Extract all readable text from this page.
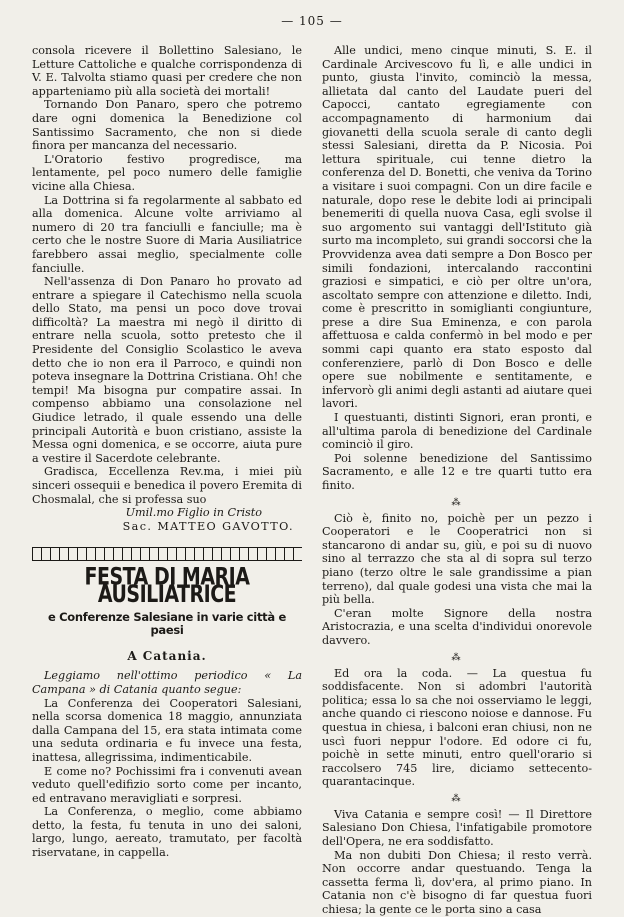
— 105 —

consola ricevere il Bollettino Salesiano, le Letture Cattoliche e qualche corrispondenza di V. E. Talvolta stiamo quasi per credere che non apparteniamo più alla società dei mortali!

Tornando Don Panaro, spero che potremo dare ogni domenica la Benedizione col Santissimo Sacramento, che non si diede finora per mancanza del necessario.

L'Oratorio festivo progredisce, ma lentamente, pel poco numero delle famiglie vicine alla Chiesa.

La Dottrina si fa regolarmente al sabbato ed alla domenica. Alcune volte arriviamo al numero di 20 tra fanciulli e fanciulle; ma è certo che le nostre Suore di Maria Ausiliatrice farebbero assai meglio, specialmente colle fanciulle.

Nell'assenza di Don Panaro ho provato ad entrare a spiegare il Catechismo nella scuola dello Stato, ma pensi un poco dove trovai difficoltà? La maestra mi negò il diritto di entrare nella scuola, sotto pretesto che il Presidente del Consiglio Scolastico le aveva detto che io non era il Parroco, e quindi non poteva insegnare la Dottrina Cristiana. Oh! che tempi! Ma bisogna pur compatire assai. In compenso abbiamo una consolazione nel Giudice letrado, il quale essendo una delle principali Autorità e buon cristiano, assiste la Messa ogni domenica, e se occorre, aiuta pure a vestire il Sacerdote celebrante.

Gradisca, Eccellenza Rev.ma, i miei più sinceri ossequii e benedica il povero Eremita di Chosmalal, che si professa suo

Umil.mo Figlio in Cristo

Sac. MATTEO GAVOTTO.

FESTA DI MARIA AUSILIATRICE
e Conferenze Salesiane in varie città e paesi
A Catania.

Leggiamo nell'ottimo periodico « La Campana » di Catania quanto segue:

La Conferenza dei Cooperatori Salesiani, nella scorsa domenica 18 maggio, annunziata dalla Campana del 15, era stata intimata come una seduta ordinaria e fu invece una festa, inattesa, allegrissima, indimenticabile.

E come no? Pochissimi fra i convenuti avean veduto quell'edifizio sorto come per incanto, ed entravano meravigliati e sorpresi.

La Conferenza, o meglio, come abbiamo detto, la festa, fu tenuta in uno dei saloni, largo, lungo, aereato, tramutato, per facoltà riservatane, in cappella.

Alle undici, meno cinque minuti, S. E. il Cardinale Arcivescovo fu lì, e alle undici in punto, giusta l'invito, cominciò la messa, allietata dal canto del Laudate pueri del Capocci, cantato egregiamente con accompagnamento di harmonium dai giovanetti della scuola serale di canto degli stessi Salesiani, diretta da P. Nicosia. Poi lettura spirituale, cui tenne dietro la conferenza del D. Bonetti, che veniva da Torino a visitare i suoi compagni. Con un dire facile e naturale, dopo rese le debite lodi ai principali benemeriti di quella nuova Casa, egli svolse il suo argomento sui vantaggi dell'Istituto già surto ma incompleto, sui grandi soccorsi che la Provvidenza avea dati sempre a Don Bosco per simili fondazioni, intercalando raccontini graziosi e simpatici, e ciò per oltre un'ora, ascoltato sempre con attenzione e diletto. Indi, come è prescritto in somiglianti congiunture, prese a dire Sua Eminenza, e con parola affettuosa e calda confermò in bel modo e per sommi capi quanto era stato esposto dal conferenziere, parlò di Don Bosco e delle opere sue nobilmente e sentitamente, e infervorò gli animi degli astanti ad aiutare quei lavori.

I questuanti, distinti Signori, eran pronti, e all'ultima parola di benedizione del Cardinale cominciò il giro.

Poi solenne benedizione del Santissimo Sacramento, e alle 12 e tre quarti tutto era finito.

⁂

Ciò è, finito no, poichè per un pezzo i Cooperatori e le Cooperatrici non si stancarono di andar su, giù, e poi su di nuovo sino al terrazzo che sta al di sopra sul terzo piano (terzo oltre le sale grandissime a pian terreno), dal quale godesi una vista che mai la più bella.

C'eran molte Signore della nostra Aristocrazia, e una scelta d'individui onorevole davvero.

⁂

Ed ora la coda. — La questua fu soddisfacente. Non si adombri l'autorità politica; essa lo sa che noi osserviamo le leggi, anche quando ci riescono noiose e dannose. Fu questua in chiesa, i balconi eran chiusi, non ne uscì fuori neppur l'odore. Ed odore ci fu, poichè in sette minuti, entro quell'orario si raccolsero 745 lire, diciamo settecento-quarantacinque.

⁂

Viva Catania e sempre così! — Il Direttore Salesiano Don Chiesa, l'infatigabile promotore dell'Opera, ne era soddisfatto.

Ma non dubiti Don Chiesa; il resto verrà. Non occorre andar questuando. Tenga la cassetta ferma lì, dov'era, al primo piano. In Catania non c'è bisogno di far questua fuori chiesa; la gente ce le porta sino a casa
